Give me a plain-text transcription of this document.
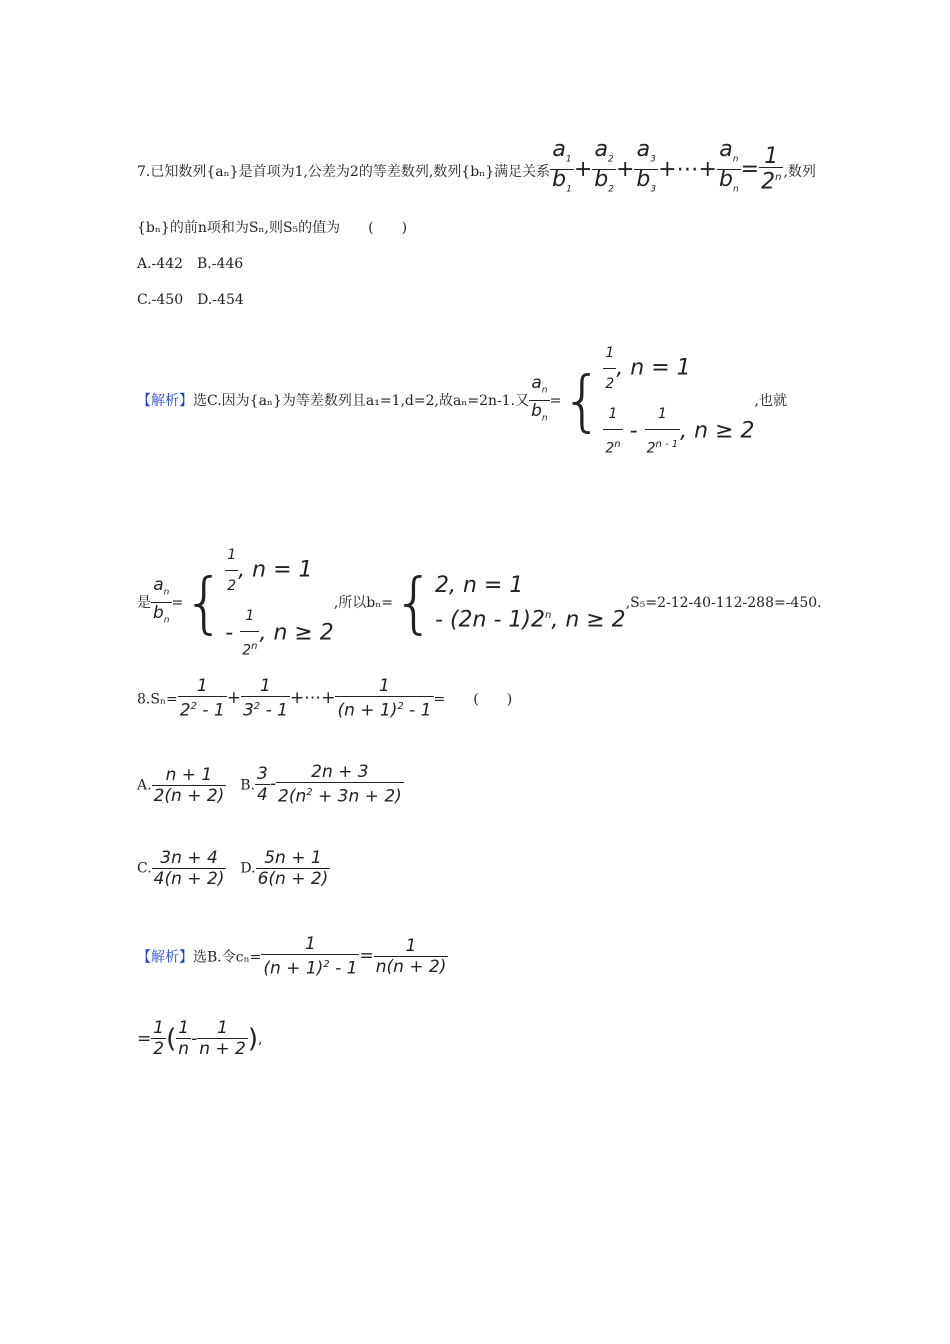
7.已知数列{aₙ}是首项为1,公差为2的等差数列,数列{bₙ}满足关系 $\frac{a_1}{b_1} + \frac{a_2}{b_2} + \frac{a_3}{b_3}$ +⋯+ $\frac{a_n}{b_n} = \frac{1}{2^n}$ ,数列
{bₙ}的前n项和为Sₙ,则S₅的值为　　(　　)
A.-442　 B.-446
C.-450　 D.-454
【解析】选C.因为{aₙ}为等差数列且a₁=1,d=2,故aₙ=2n-1.又 $\frac{a_n}{b_n}$ ={ $\frac{1}{2}$ , n = 1
$\frac{1}{2^n} - \frac{1}{2^{n - 1}}$ , n ≥ 2
,也就
是 $\frac{a_n}{b_n}$ ={ $\frac{1}{2}$ , n = 1
- $\frac{1}{2^n}$ , n ≥ 2
,所以bₙ={ 2, n = 1
- (2n - 1)2$^n$, n ≥ 2
,S₅=2-12-40-112-288=-450.
$8.S_n= \frac{1}{2^2 - 1} + \frac{1}{3^2 - 1}$ +⋯+ $\frac{1}{(n + 1)^2 - 1}$ =　　(　　)
A. $\frac{n + 1}{2(n + 2)}$
　 B. $\frac{3}{4} - \frac{2n + 3}{2(n^2 + 3n + 2)}$
C. $\frac{3n + 4}{4(n + 2)}$
　 D. $\frac{5n + 1}{6(n + 2)}$
【解析】选B.令$c_n= \frac{1}{(n + 1)^2 - 1} = \frac{1}{n(n + 2)}$
= $\frac{1}{2}$ ( $\frac{1}{n} - \frac{1}{n + 2}$ ),
